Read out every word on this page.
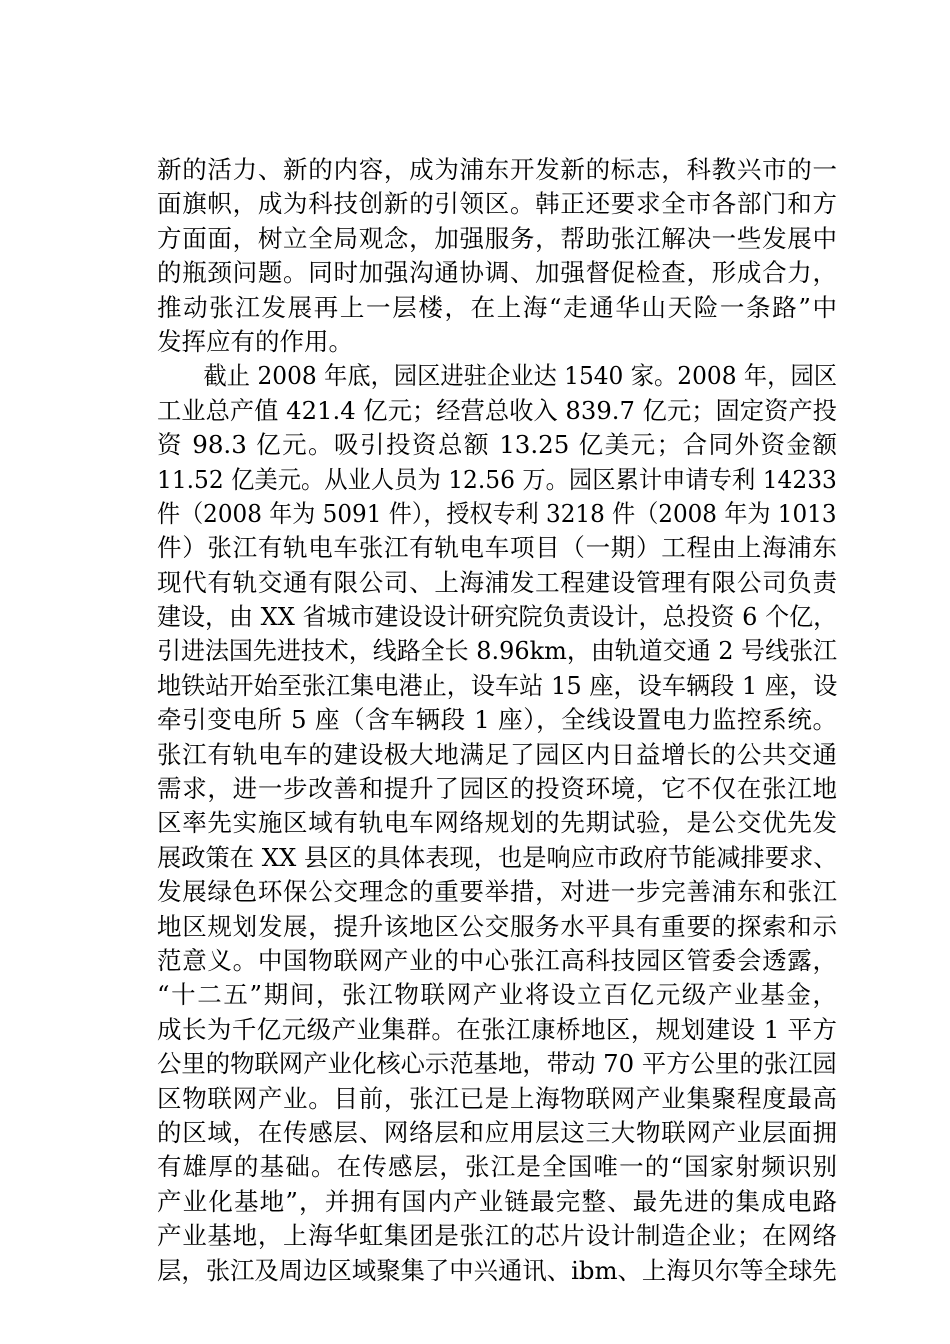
新的活力、新的内容，成为浦东开发新的标志，科教兴市的一
面旗帜，成为科技创新的引领区。韩正还要求全市各部门和方
方面面，树立全局观念，加强服务，帮助张江解决一些发展中
的瓶颈问题。同时加强沟通协调、加强督促检查，形成合力，
推动张江发展再上一层楼，在上海“走通华山天险一条路”中
发挥应有的作用。
　　截止 2008 年底，园区进驻企业达 1540 家。2008 年，园区
工业总产值 421.4 亿元；经营总收入 839.7 亿元；固定资产投
资 98.3 亿元。吸引投资总额 13.25 亿美元；合同外资金额
11.52 亿美元。从业人员为 12.56 万。园区累计申请专利 14233
件（2008 年为 5091 件），授权专利 3218 件（2008 年为 1013
件）张江有轨电车张江有轨电车项目（一期）工程由上海浦东
现代有轨交通有限公司、上海浦发工程建设管理有限公司负责
建设，由 XX 省城市建设设计研究院负责设计，总投资 6 个亿，
引进法国先进技术，线路全长 8.96km，由轨道交通 2 号线张江
地铁站开始至张江集电港止，设车站 15 座，设车辆段 1 座，设
牵引变电所 5 座（含车辆段 1 座），全线设置电力监控系统。
张江有轨电车的建设极大地满足了园区内日益增长的公共交通
需求，进一步改善和提升了园区的投资环境，它不仅在张江地
区率先实施区域有轨电车网络规划的先期试验，是公交优先发
展政策在 XX 县区的具体表现，也是响应市政府节能减排要求、
发展绿色环保公交理念的重要举措，对进一步完善浦东和张江
地区规划发展，提升该地区公交服务水平具有重要的探索和示
范意义。中国物联网产业的中心张江高科技园区管委会透露，
“十二五”期间，张江物联网产业将设立百亿元级产业基金，
成长为千亿元级产业集群。在张江康桥地区，规划建设 1 平方
公里的物联网产业化核心示范基地，带动 70 平方公里的张江园
区物联网产业。目前，张江已是上海物联网产业集聚程度最高
的区域，在传感层、网络层和应用层这三大物联网产业层面拥
有雄厚的基础。在传感层，张江是全国唯一的“国家射频识别
产业化基地”，并拥有国内产业链最完整、最先进的集成电路
产业基地，上海华虹集团是张江的芯片设计制造企业；在网络
层，张江及周边区域聚集了中兴通讯、ibm、上海贝尔等全球先
